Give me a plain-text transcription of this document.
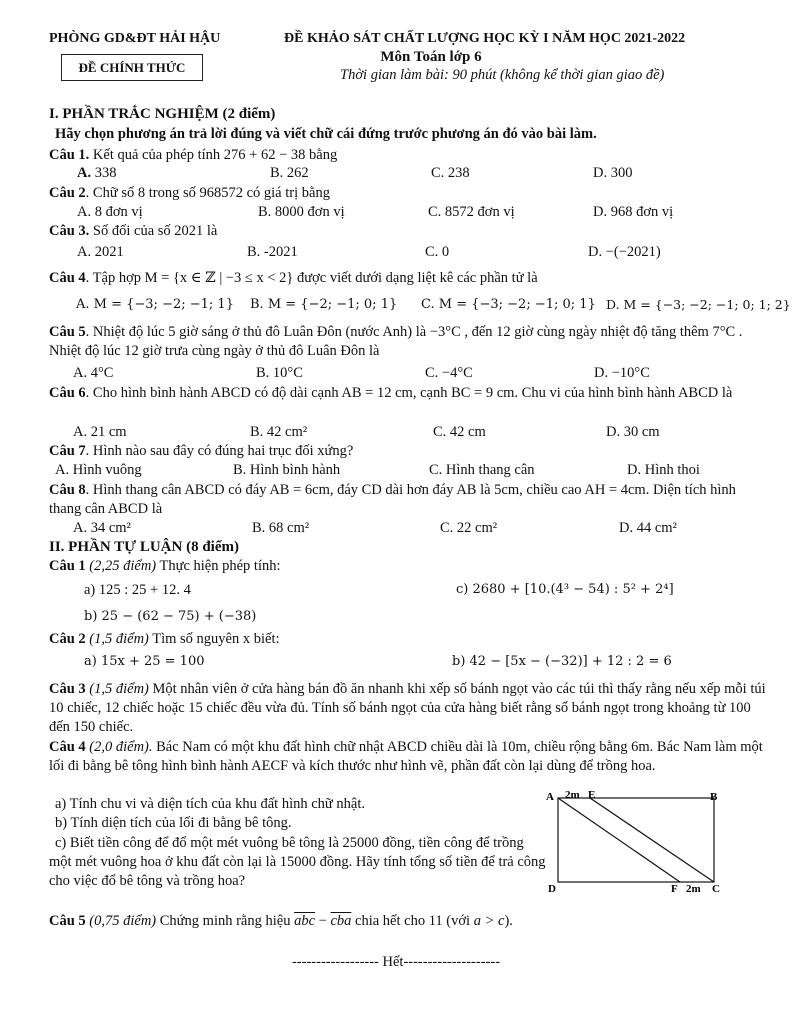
PHÒNG GD&ĐT HẢI HẬU	ĐỀ KHẢO SÁT CHẤT LƯỢNG HỌC KỲ I NĂM HỌC 2021-2022
ĐỀ CHÍNH THỨC
Môn Toán lớp 6
Thời gian làm bài: 90 phút (không kể thời gian giao đề)
I. PHẦN TRẮC NGHIỆM (2 điểm)
Hãy chọn phương án trả lời đúng và viết chữ cái đứng trước phương án đó vào bài làm.
Câu 1. Kết quả của phép tính 276 + 62 − 38 bằng
A. 338	B. 262	C. 238	D. 300
Câu 2. Chữ số 8 trong số 968572 có giá trị bằng
A. 8 đơn vị	B. 8000 đơn vị	C. 8572 đơn vị	D. 968 đơn vị
Câu 3. Số đối của số 2021 là
A. 2021	B. -2021	C. 0	D. −(−2021)
Câu 4. Tập hợp M = {x ∈ ℤ | −3 ≤ x < 2} được viết dưới dạng liệt kê các phần tử là
A. M = {−3; −2; −1; 1} B. M = {−2; −1; 0; 1} C. M = {−3; −2; −1; 0; 1} D. M = {−3; −2; −1; 0; 1; 2}
Câu 5. Nhiệt độ lúc 5 giờ sáng ở thủ đô Luân Đôn (nước Anh) là −3°C , đến 12 giờ cùng ngày nhiệt độ tăng thêm 7°C . Nhiệt độ lúc 12 giờ trưa cùng ngày ở thủ đô Luân Đôn là
A. 4°C	B. 10°C	C. −4°C	D. −10°C
Câu 6. Cho hình bình hành ABCD có độ dài cạnh AB = 12 cm, cạnh BC = 9 cm. Chu vi của hình bình hành ABCD là
A. 21 cm	B. 42 cm²	C. 42 cm	D. 30 cm
Câu 7. Hình nào sau đây có đúng hai trục đối xứng?
A. Hình vuông	B. Hình bình hành	C. Hình thang cân	D. Hình thoi
Câu 8. Hình thang cân ABCD có đáy AB = 6cm, đáy CD dài hơn đáy AB là 5cm, chiều cao AH = 4cm. Diện tích hình thang cân ABCD là
A. 34 cm²	B. 68 cm²	C. 22 cm²	D. 44 cm²
II. PHẦN TỰ LUẬN (8 điểm)
Câu 1 (2,25 điểm) Thực hiện phép tính:
a) 125 : 25 + 12. 4	c) 2680 + [10.(4³ − 54) : 5² + 2⁴]
b) 25 − (62 − 75) + (−38)
Câu 2 (1,5 điểm) Tìm số nguyên x biết:
a) 15x + 25 = 100	b) 42 − [5x − (−32)] + 12 : 2 = 6
Câu 3 (1,5 điểm) Một nhân viên ở cửa hàng bán đồ ăn nhanh khi xếp số bánh ngọt vào các túi thì thấy rằng nếu xếp mỗi túi 10 chiếc, 12 chiếc hoặc 15 chiếc đều vừa đủ. Tính số bánh ngọt của cửa hàng biết rằng số bánh ngọt trong khoảng từ 100 đến 150 chiếc.
Câu 4 (2,0 điểm). Bác Nam có một khu đất hình chữ nhật ABCD chiều dài là 10m, chiều rộng bằng 6m. Bác Nam làm một lối đi bằng bê tông hình bình hành AECF và kích thước như hình vẽ, phần đất còn lại dùng để trồng hoa.
a) Tính chu vi và diện tích của khu đất hình chữ nhật.
b) Tính diện tích của lối đi bằng bê tông.
c) Biết tiền công để đổ một mét vuông bê tông là 25000 đồng, tiền công để trồng một mét vuông hoa ở khu đất còn lại là 15000 đồng. Hãy tính tổng số tiền để trả công cho việc đổ bê tông và trồng hoa?
A 2m E	B
D	F 2m C
Câu 5 (0,75 điểm) Chứng minh rằng hiệu $\overline{abc} - \overline{cba}$ chia hết cho 11 (với a > c).
------------------ Hết--------------------
